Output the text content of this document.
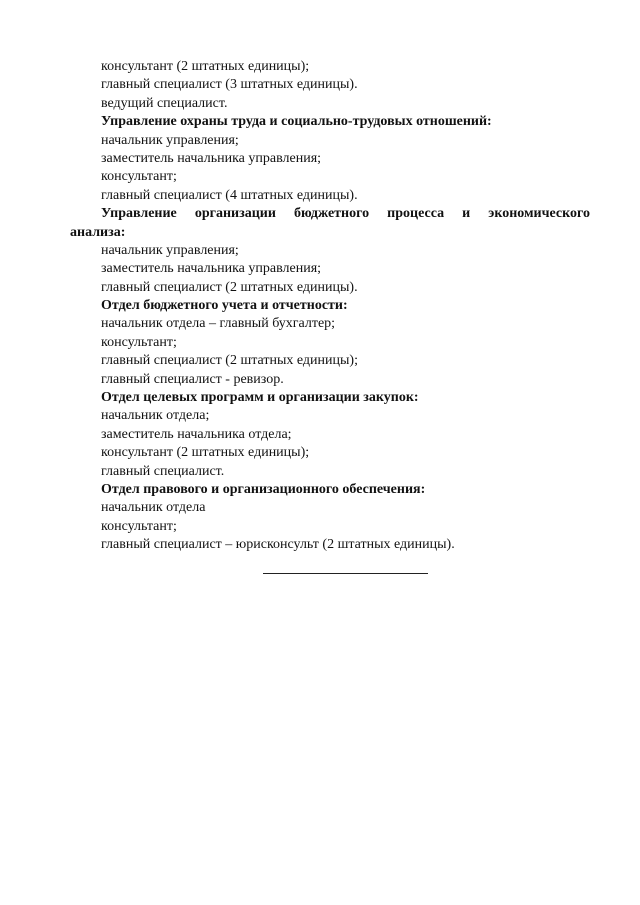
консультант (2 штатных единицы);
главный специалист (3 штатных единицы).
ведущий специалист.
Управление охраны труда и социально-трудовых отношений:
начальник управления;
заместитель начальника управления;
консультант;
главный специалист (4 штатных единицы).
Управление организации бюджетного процесса и экономического
анализа:
начальник управления;
заместитель начальника управления;
главный специалист (2 штатных единицы).
Отдел бюджетного учета и отчетности:
начальник отдела – главный бухгалтер;
консультант;
главный специалист (2 штатных единицы);
главный специалист - ревизор.
Отдел целевых программ и организации закупок:
начальник отдела;
заместитель начальника отдела;
консультант (2 штатных единицы);
главный специалист.
Отдел правового и организационного обеспечения:
начальник отдела
консультант;
главный специалист – юрисконсульт (2 штатных единицы).
